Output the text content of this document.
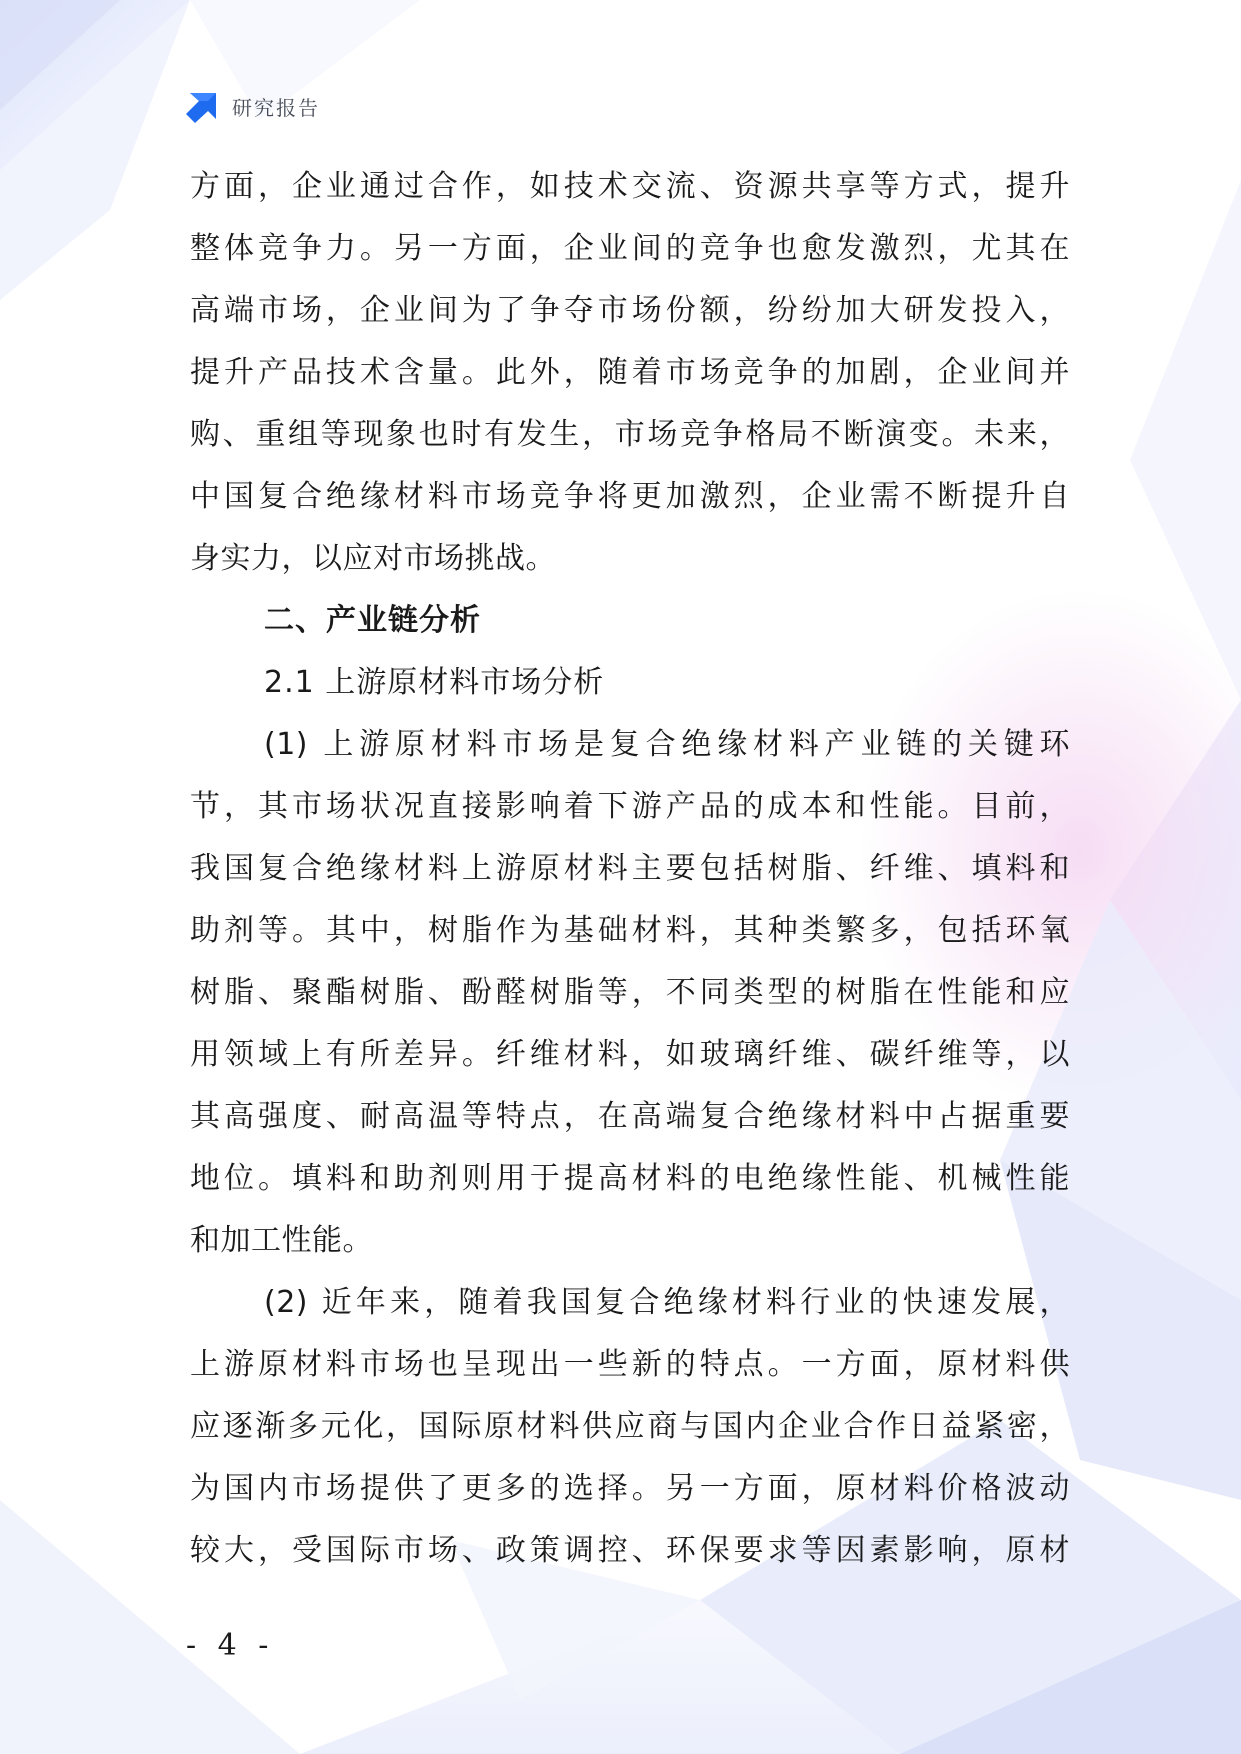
研究报告
方面，企业通过合作，如技术交流、资源共享等方式，提升
整体竞争力。另一方面，企业间的竞争也愈发激烈，尤其在
高端市场，企业间为了争夺市场份额，纷纷加大研发投入，
提升产品技术含量。此外，随着市场竞争的加剧，企业间并
购、重组等现象也时有发生，市场竞争格局不断演变。未来，
中国复合绝缘材料市场竞争将更加激烈，企业需不断提升自
身实力，以应对市场挑战。
二、产业链分析
2.1 上游原材料市场分析
(1) 上游原材料市场是复合绝缘材料产业链的关键环
节，其市场状况直接影响着下游产品的成本和性能。目前，
我国复合绝缘材料上游原材料主要包括树脂、纤维、填料和
助剂等。其中，树脂作为基础材料，其种类繁多，包括环氧
树脂、聚酯树脂、酚醛树脂等，不同类型的树脂在性能和应
用领域上有所差异。纤维材料，如玻璃纤维、碳纤维等，以
其高强度、耐高温等特点，在高端复合绝缘材料中占据重要
地位。填料和助剂则用于提高材料的电绝缘性能、机械性能
和加工性能。
(2) 近年来，随着我国复合绝缘材料行业的快速发展，
上游原材料市场也呈现出一些新的特点。一方面，原材料供
应逐渐多元化，国际原材料供应商与国内企业合作日益紧密，
为国内市场提供了更多的选择。另一方面，原材料价格波动
较大，受国际市场、政策调控、环保要求等因素影响，原材
- 4 -
